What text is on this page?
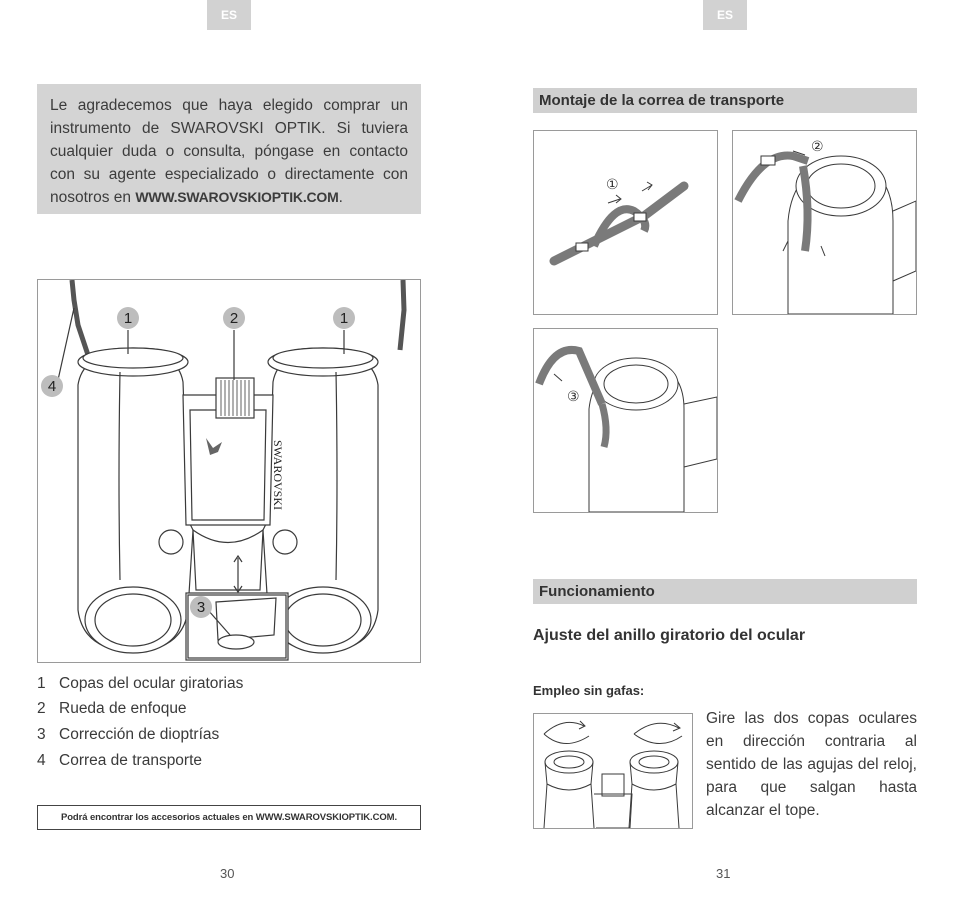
ES
Le agradecemos que haya elegido comprar un instrumento de SWAROVSKI OPTIK. Si tuviera cualquier duda o consulta, póngase en contacto con su agente especializado o directamente con nosotros en WWW.SWAROVSKIOPTIK.COM.
SWAROVSKI
1	2	1
4
3
1 Copas del ocular giratorias
2 Rueda de enfoque
3 Corrección de dioptrías
4 Correa de transporte
Podrá encontrar los accesorios actuales en WWW.SWAROVSKIOPTIK.COM.
30
ES
Montaje de la correa de transporte
①
②
③
Funcionamiento
Ajuste del anillo giratorio del ocular
Empleo sin gafas:
Gire las dos copas oculares en dirección contraria al sentido de las agujas del reloj, para que salgan hasta alcanzar el tope.
31
